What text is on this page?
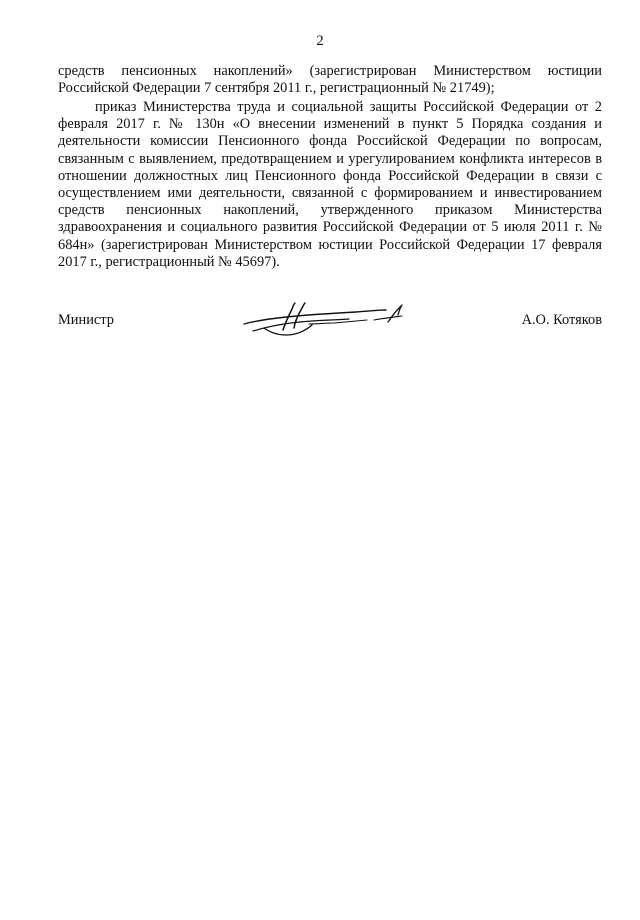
2
средств пенсионных накоплений» (зарегистрирован Министерством юстиции Российской Федерации 7 сентября 2011 г., регистрационный № 21749);
приказ Министерства труда и социальной защиты Российской Федерации от 2 февраля 2017 г. № 130н «О внесении изменений в пункт 5 Порядка создания и деятельности комиссии Пенсионного фонда Российской Федерации по вопросам, связанным с выявлением, предотвращением и урегулированием конфликта интересов в отношении должностных лиц Пенсионного фонда Российской Федерации в связи с осуществлением ими деятельности, связанной с формированием и инвестированием средств пенсионных накоплений, утвержденного приказом Министерства здравоохранения и социального развития Российской Федерации от 5 июля 2011 г. № 684н» (зарегистрирован Министерством юстиции Российской Федерации 17 февраля 2017 г., регистрационный № 45697).
Министр	А.О. Котяков
